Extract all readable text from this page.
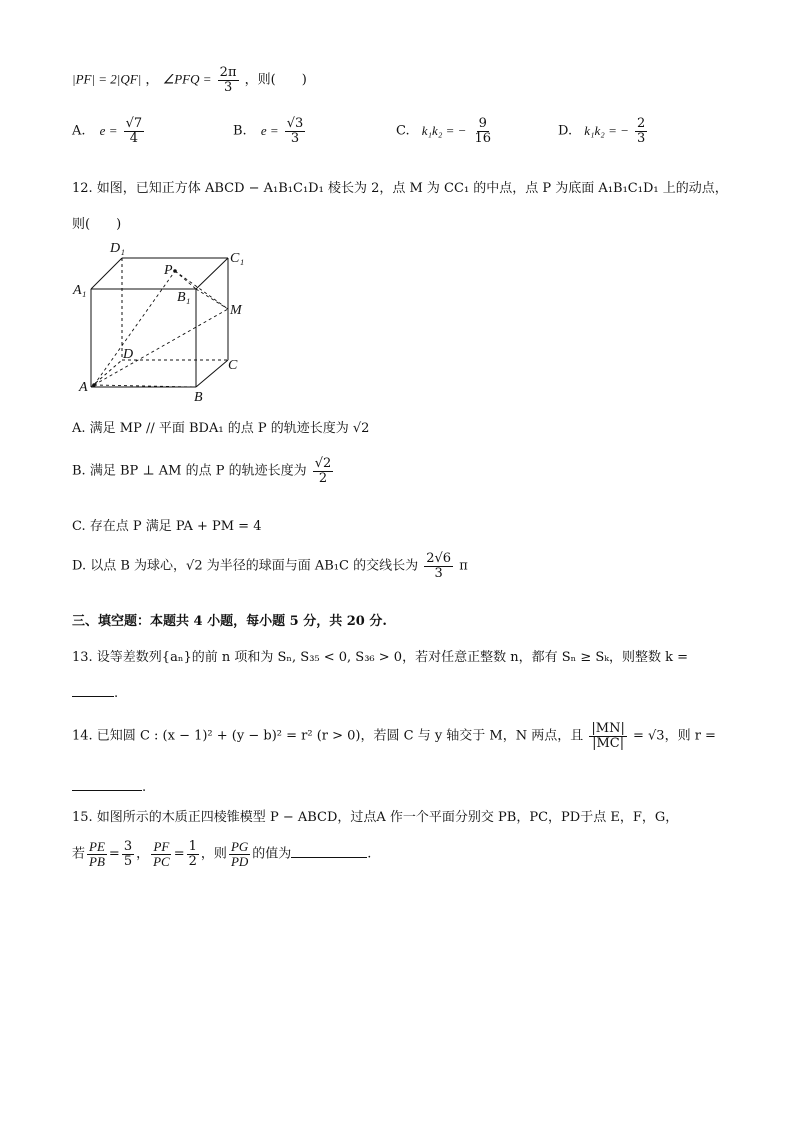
|PF| = 2|QF| ， ∠PFQ = $\frac{2\pi}{3}$ ，则(　　)
A. $e = \frac{√7}{4}$	B. $e = \frac{√3}{3}$	C. k₁k₂ = − $\frac{9}{16}$	D. k₁k₂ = − $\frac{2}{3}$
12. 如图，已知正方体 ABCD − A₁B₁C₁D₁ 棱长为 2，点 M 为 CC₁ 的中点，点 P 为底面 A₁B₁C₁D₁ 上的动点，
则(　　)
D₁
C₁
A₁	B₁
P
M
D
C
A
B
A. 满足 MP // 平面 BDA₁ 的点 P 的轨迹长度为 √2
B. 满足 BP ⊥ AM 的点 P 的轨迹长度为 $\frac{√2}{2}$
C. 存在点 P 满足 PA + PM = 4
D. 以点 B 为球心，√2 为半径的球面与面 AB₁C 的交线长为 $\frac{2√6}{3}$ π
三、填空题：本题共 4 小题，每小题 5 分，共 20 分.
13. 设等差数列{aₙ}的前 n 项和为 Sₙ, S₃₅ < 0, S₃₆ > 0，若对任意正整数 n，都有 Sₙ ≥ Sₖ，则整数 k =
.
14. 已知圆 C : (x − 1)² + (y − b)² = r² (r > 0)，若圆 C 与 y 轴交于 M，N 两点，且 $\frac{|MN|}{|MC|} = √3$，则 r =
.
15. 如图所示的木质正四棱锥模型 P − ABCD，过点A 作一个平面分别交 PB，PC，PD于点 E，F，G，
若 $\frac{PE}{PB} = \frac{3}{5}$ ， $\frac{PF}{PC} = \frac{1}{2}$ ，则 $\frac{PG}{PD}$ 的值为	.
